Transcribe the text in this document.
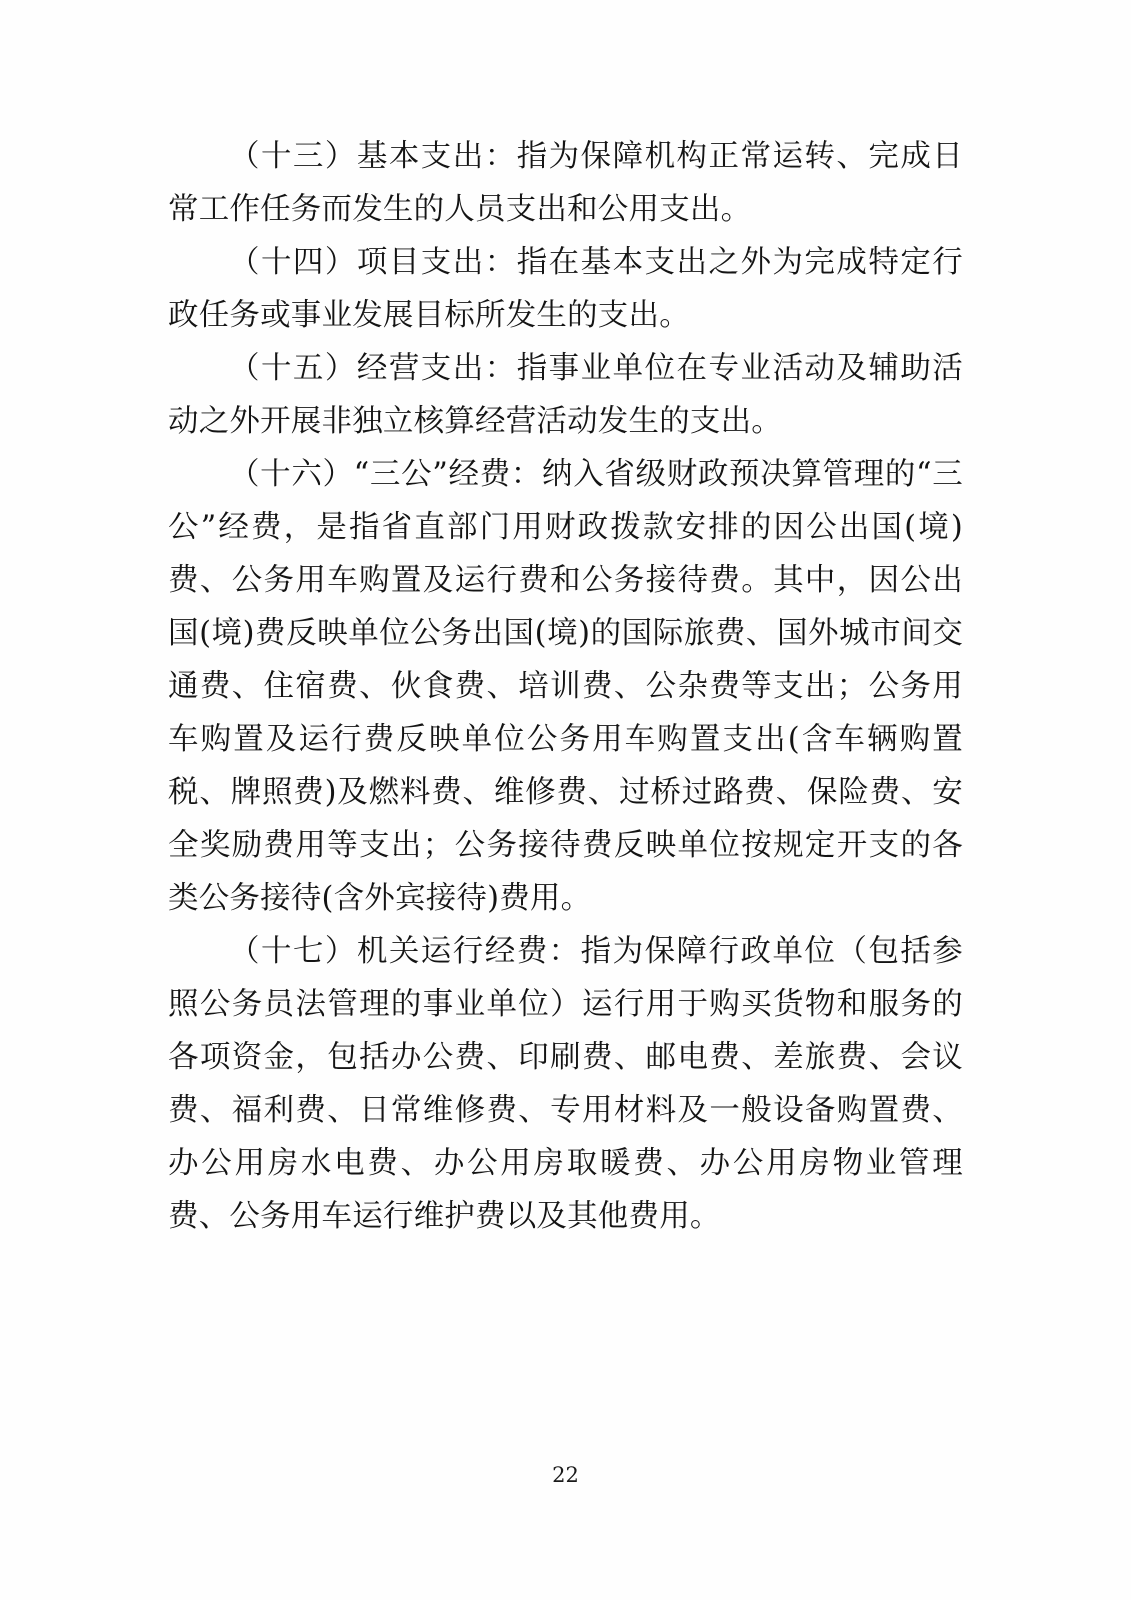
（十三）基本支出：指为保障机构正常运转、完成日常工作任务而发生的人员支出和公用支出。

（十四）项目支出：指在基本支出之外为完成特定行政任务或事业发展目标所发生的支出。

（十五）经营支出：指事业单位在专业活动及辅助活动之外开展非独立核算经营活动发生的支出。

（十六）“三公”经费：纳入省级财政预决算管理的“三公”经费，是指省直部门用财政拨款安排的因公出国(境)费、公务用车购置及运行费和公务接待费。其中，因公出国(境)费反映单位公务出国(境)的国际旅费、国外城市间交通费、住宿费、伙食费、培训费、公杂费等支出；公务用车购置及运行费反映单位公务用车购置支出(含车辆购置税、牌照费)及燃料费、维修费、过桥过路费、保险费、安全奖励费用等支出；公务接待费反映单位按规定开支的各类公务接待(含外宾接待)费用。

（十七）机关运行经费：指为保障行政单位（包括参照公务员法管理的事业单位）运行用于购买货物和服务的各项资金，包括办公费、印刷费、邮电费、差旅费、会议费、福利费、日常维修费、专用材料及一般设备购置费、办公用房水电费、办公用房取暖费、办公用房物业管理费、公务用车运行维护费以及其他费用。

22
